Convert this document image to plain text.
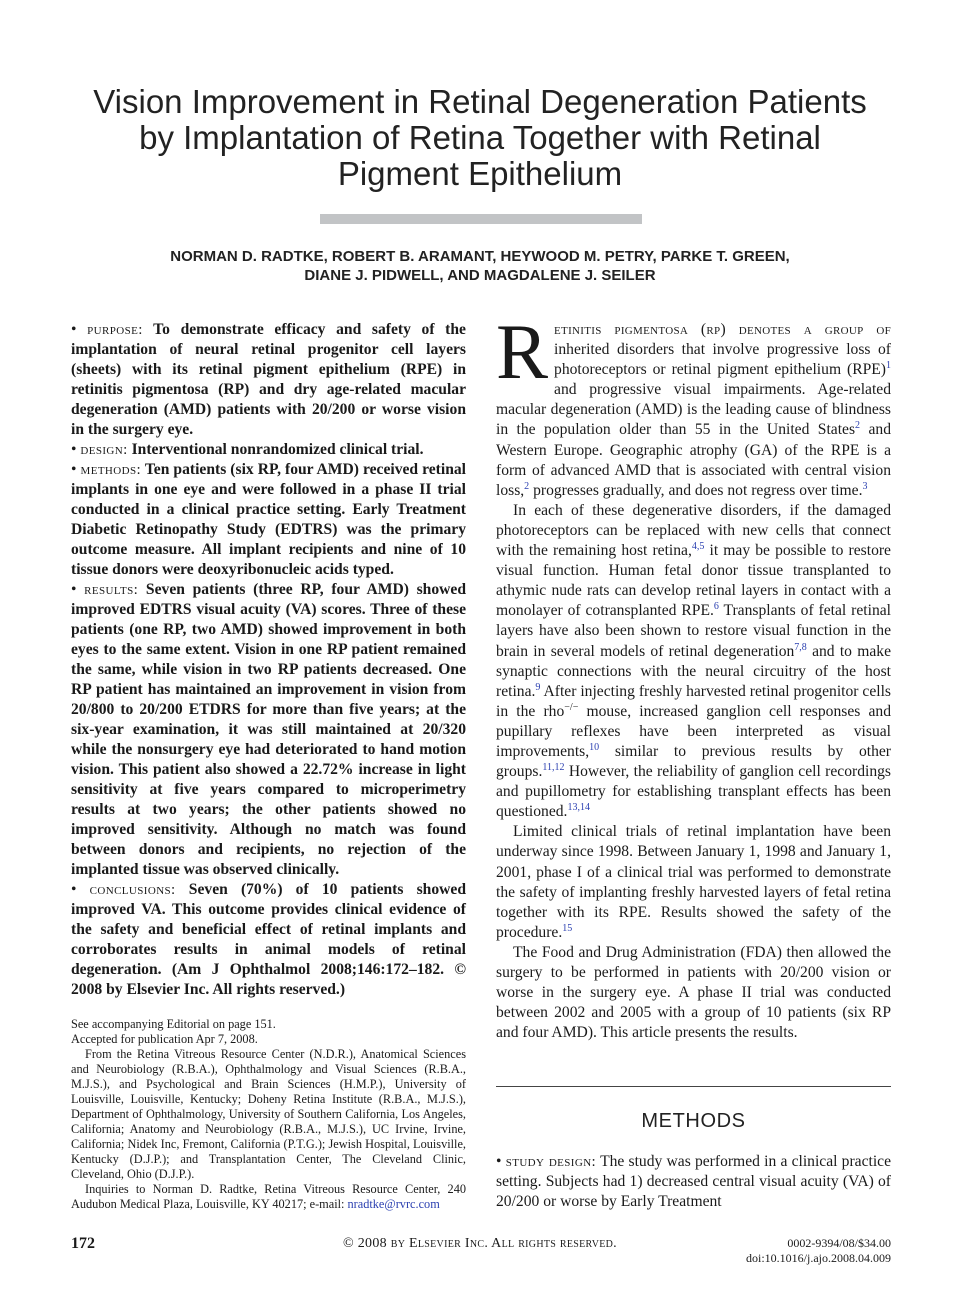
Vision Improvement in Retinal Degeneration Patients by Implantation of Retina Together with Retinal Pigment Epithelium
NORMAN D. RADTKE, ROBERT B. ARAMANT, HEYWOOD M. PETRY, PARKE T. GREEN,
DIANE J. PIDWELL, AND MAGDALENE J. SEILER

• purpose: To demonstrate efficacy and safety of the implantation of neural retinal progenitor cell layers (sheets) with its retinal pigment epithelium (RPE) in retinitis pigmentosa (RP) and dry age-related macular degeneration (AMD) patients with 20/200 or worse vision in the surgery eye.

• design: Interventional nonrandomized clinical trial.

• methods: Ten patients (six RP, four AMD) received retinal implants in one eye and were followed in a phase II trial conducted in a clinical practice setting. Early Treatment Diabetic Retinopathy Study (EDTRS) was the primary outcome measure. All implant recipients and nine of 10 tissue donors were deoxyribonucleic acids typed.

• results: Seven patients (three RP, four AMD) showed improved EDTRS visual acuity (VA) scores. Three of these patients (one RP, two AMD) showed improvement in both eyes to the same extent. Vision in one RP patient remained the same, while vision in two RP patients decreased. One RP patient has maintained an improvement in vision from 20/800 to 20/200 ETDRS for more than five years; at the six-year examination, it was still maintained at 20/320 while the nonsurgery eye had deteriorated to hand motion vision. This patient also showed a 22.72% increase in light sensitivity at five years compared to microperimetry results at two years; the other patients showed no improved sensitivity. Although no match was found between donors and recipients, no rejection of the implanted tissue was observed clinically.

• conclusions: Seven (70%) of 10 patients showed improved VA. This outcome provides clinical evidence of the safety and beneficial effect of retinal implants and corroborates results in animal models of retinal degeneration. (Am J Ophthalmol 2008;146:172–182. © 2008 by Elsevier Inc. All rights reserved.)

See accompanying Editorial on page 151.

Accepted for publication Apr 7, 2008.

From the Retina Vitreous Resource Center (N.D.R.), Anatomical Sciences and Neurobiology (R.B.A.), Ophthalmology and Visual Sciences (R.B.A., M.J.S.), and Psychological and Brain Sciences (H.M.P.), University of Louisville, Louisville, Kentucky; Doheny Retina Institute (R.B.A., M.J.S.), Department of Ophthalmology, University of Southern California, Los Angeles, California; Anatomy and Neurobiology (R.B.A., M.J.S.), UC Irvine, Irvine, California; Nidek Inc, Fremont, California (P.T.G.); Jewish Hospital, Louisville, Kentucky (D.J.P.); and Transplantation Center, The Cleveland Clinic, Cleveland, Ohio (D.J.P.).

Inquiries to Norman D. Radtke, Retina Vitreous Resource Center, 240 Audubon Medical Plaza, Louisville, KY 40217; e-mail: nradtke@rvrc.com

Retinitis pigmentosa (rp) denotes a group of inherited disorders that involve progressive loss of photoreceptors or retinal pigment epithelium (RPE)$^1$ and progressive visual impairments. Age-related macular degeneration (AMD) is the leading cause of blindness in the population older than 55 in the United States$^2$ and Western Europe. Geographic atrophy (GA) of the RPE is a form of advanced AMD that is associated with central vision loss,$^2$ progresses gradually, and does not regress over time.$^3$

In each of these degenerative disorders, if the damaged photoreceptors can be replaced with new cells that connect with the remaining host retina,$^{4,5}$ it may be possible to restore visual function. Human fetal donor tissue transplanted to athymic nude rats can develop retinal layers in contact with a monolayer of cotransplanted RPE.$^6$ Transplants of fetal retinal layers have also been shown to restore visual function in the brain in several models of retinal degeneration$^{7,8}$ and to make synaptic connections with the neural circuitry of the host retina.$^9$ After injecting freshly harvested retinal progenitor cells in the rho−/− mouse, increased ganglion cell responses and pupillary reflexes have been interpreted as visual improvements,$^{10}$ similar to previous results by other groups.$^{11,12}$ However, the reliability of ganglion cell recordings and pupillometry for establishing transplant effects has been questioned.$^{13,14}$

Limited clinical trials of retinal implantation have been underway since 1998. Between January 1, 1998 and January 1, 2001, phase I of a clinical trial was performed to demonstrate the safety of implanting freshly harvested layers of fetal retina together with its RPE. Results showed the safety of the procedure.$^{15}$

The Food and Drug Administration (FDA) then allowed the surgery to be performed in patients with 20/200 vision or worse in the surgery eye. A phase II trial was conducted between 2002 and 2005 with a group of 10 patients (six RP and four AMD). This article presents the results.

METHODS

• study design: The study was performed in a clinical practice setting. Subjects had 1) decreased central visual acuity (VA) of 20/200 or worse by Early Treatment

172	© 2008 by Elsevier Inc. All rights reserved.	0002-9394/08/$34.00
doi:10.1016/j.ajo.2008.04.009
